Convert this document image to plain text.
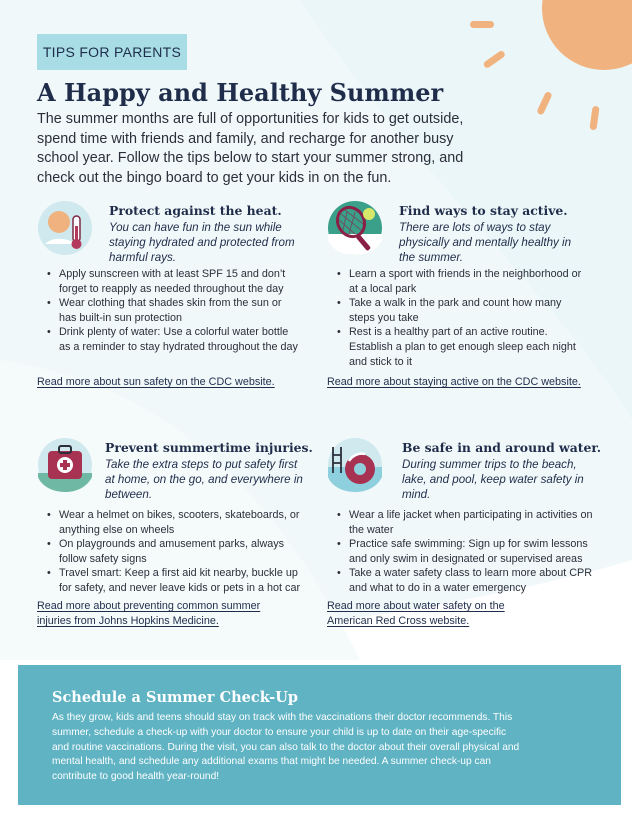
TIPS FOR PARENTS
A Happy and Healthy Summer

The summer months are full of opportunities for kids to get outside, spend time with friends and family, and recharge for another busy school year. Follow the tips below to start your summer strong, and check out the bingo board to get your kids in on the fun.

Protect against the heat.
You can have fun in the sun while staying hydrated and protected from harmful rays.
• Apply sunscreen with at least SPF 15 and don’t forget to reapply as needed throughout the day
• Wear clothing that shades skin from the sun or has built-in sun protection
• Drink plenty of water: Use a colorful water bottle as a reminder to stay hydrated throughout the day
Read more about sun safety on the CDC website.
Find ways to stay active.
There are lots of ways to stay physically and mentally healthy in the summer.
• Learn a sport with friends in the neighborhood or at a local park
• Take a walk in the park and count how many steps you take
• Rest is a healthy part of an active routine. Establish a plan to get enough sleep each night and stick to it
Read more about staying active on the CDC website.
Prevent summertime injuries.
Take the extra steps to put safety first at home, on the go, and everywhere in between.
• Wear a helmet on bikes, scooters, skateboards, or anything else on wheels
• On playgrounds and amusement parks, always follow safety signs
• Travel smart: Keep a first aid kit nearby, buckle up for safety, and never leave kids or pets in a hot car
Read more about preventing common summer injuries from Johns Hopkins Medicine.
Be safe in and around water.
During summer trips to the beach, lake, and pool, keep water safety in mind.
• Wear a life jacket when participating in activities on the water
• Practice safe swimming: Sign up for swim lessons and only swim in designated or supervised areas
• Take a water safety class to learn more about CPR and what to do in a water emergency
Read more about water safety on the American Red Cross website.
Schedule a Summer Check-Up

As they grow, kids and teens should stay on track with the vaccinations their doctor recommends. This summer, schedule a check-up with your doctor to ensure your child is up to date on their age-specific and routine vaccinations. During the visit, you can also talk to the doctor about their overall physical and mental health, and schedule any additional exams that might be needed. A summer check-up can contribute to good health year-round!
